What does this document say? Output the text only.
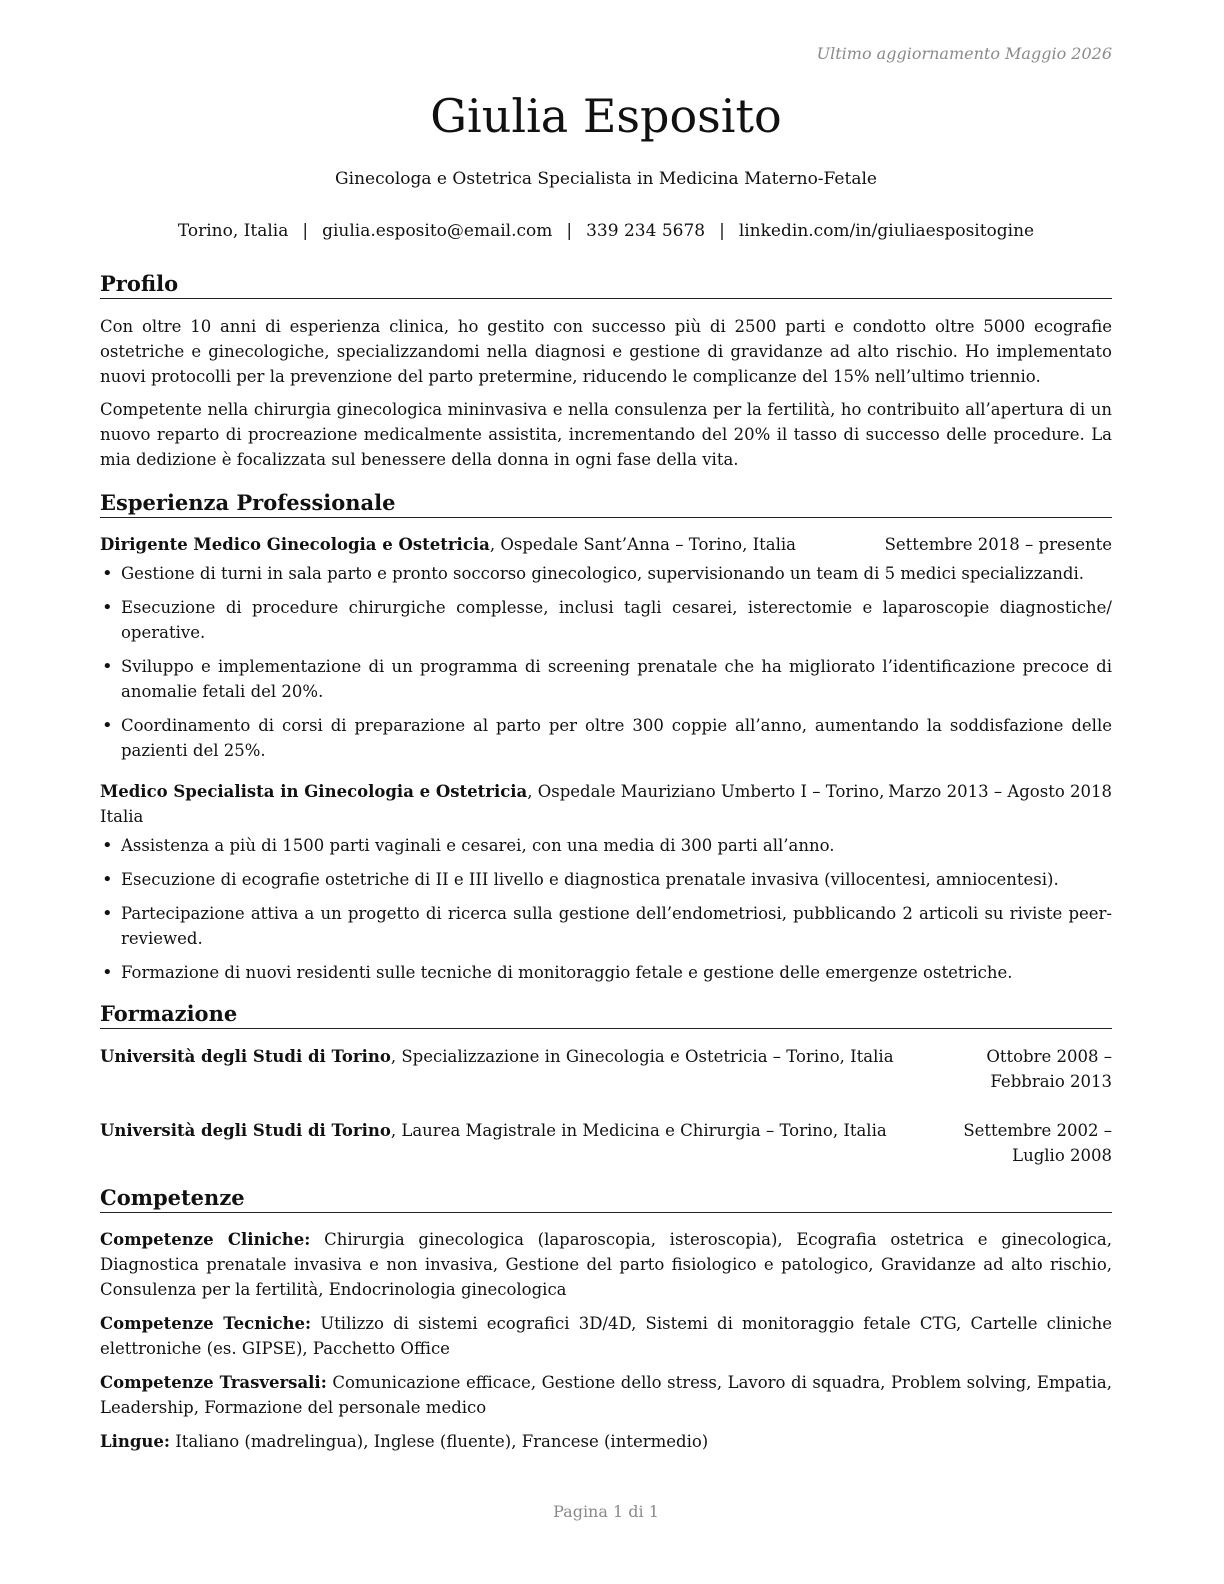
Ultimo aggiornamento Maggio 2026
Giulia Esposito
Ginecologa e Ostetrica Specialista in Medicina Materno-Fetale
Torino, Italia | giulia.esposito@email.com | 339 234 5678 | linkedin.com/in/giuliaespositogine
Profilo

Con oltre 10 anni di esperienza clinica, ho gestito con successo più di 2500 parti e condotto oltre 5000 ecografie ostetriche e ginecologiche, specializzandomi nella diagnosi e gestione di gravidanze ad alto rischio. Ho implementato nuovi protocolli per la prevenzione del parto pretermine, riducendo le complicanze del 15% nell’ultimo triennio.

Competente nella chirurgia ginecologica mininvasiva e nella consulenza per la fertilità, ho contribuito all’apertura di un nuovo reparto di procreazione medicalmente assistita, incrementando del 20% il tasso di successo delle procedure. La mia dedizione è focalizzata sul benessere della donna in ogni fase della vita.

Esperienza Professionale
Dirigente Medico Ginecologia e Ostetricia, Ospedale Sant’Anna – Torino, Italia	Settembre 2018 – presente
• Gestione di turni in sala parto e pronto soccorso ginecologico, supervisionando un team di 5 medici specializzandi.
• Esecuzione di procedure chirurgiche complesse, inclusi tagli cesarei, isterectomie e laparoscopie diagnostiche/ operative.
• Sviluppo e implementazione di un programma di screening prenatale che ha migliorato l’identificazione precoce di anomalie fetali del 20%.
• Coordinamento di corsi di preparazione al parto per oltre 300 coppie all’anno, aumentando la soddisfazione delle pazienti del 25%.
Medico Specialista in Ginecologia e Ostetricia, Ospedale Mauriziano Umberto I – Torino, Italia
Marzo 2013 – Agosto 2018
• Assistenza a più di 1500 parti vaginali e cesarei, con una media di 300 parti all’anno.
• Esecuzione di ecografie ostetriche di II e III livello e diagnostica prenatale invasiva (villocentesi, amniocentesi).
• Partecipazione attiva a un progetto di ricerca sulla gestione dell’endometriosi, pubblicando 2 articoli su riviste peer-reviewed.
• Formazione di nuovi residenti sulle tecniche di monitoraggio fetale e gestione delle emergenze ostetriche.
Formazione
Università degli Studi di Torino, Specializzazione in Ginecologia e Ostetricia – Torino, Italia	Ottobre 2008 – Febbraio 2013
Università degli Studi di Torino, Laurea Magistrale in Medicina e Chirurgia – Torino, Italia	Settembre 2002 – Luglio 2008
Competenze

Competenze Cliniche: Chirurgia ginecologica (laparoscopia, isteroscopia), Ecografia ostetrica e ginecologica, Diagnostica prenatale invasiva e non invasiva, Gestione del parto fisiologico e patologico, Gravidanze ad alto rischio, Consulenza per la fertilità, Endocrinologia ginecologica

Competenze Tecniche: Utilizzo di sistemi ecografici 3D/4D, Sistemi di monitoraggio fetale CTG, Cartelle cliniche elettroniche (es. GIPSE), Pacchetto Office

Competenze Trasversali: Comunicazione efficace, Gestione dello stress, Lavoro di squadra, Problem solving, Empatia, Leadership, Formazione del personale medico

Lingue: Italiano (madrelingua), Inglese (fluente), Francese (intermedio)

Pagina 1 di 1
